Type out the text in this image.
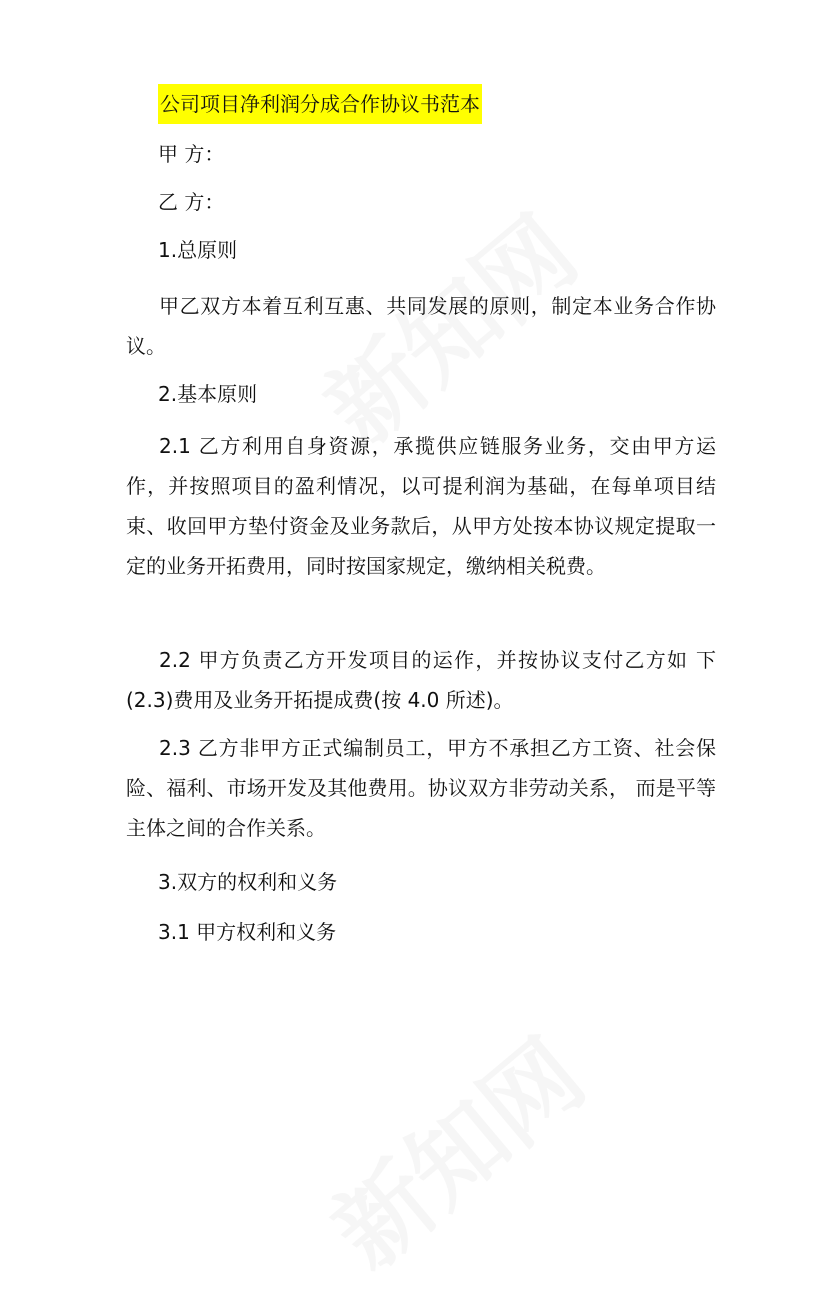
公司项目净利润分成合作协议书范本

甲 方：

乙 方：

1.总原则

甲乙双方本着互利互惠、共同发展的原则，制定本业务合作协议。

2.基本原则

2.1 乙方利用自身资源，承揽供应链服务业务，交由甲方运作，并按照项目的盈利情况，以可提利润为基础，在每单项目结束、收回甲方垫付资金及业务款后，从甲方处按本协议规定提取一定的业务开拓费用，同时按国家规定，缴纳相关税费。

2.2 甲方负责乙方开发项目的运作，并按协议支付乙方如 下(2.3)费用及业务开拓提成费(按 4.0 所述)。

2.3 乙方非甲方正式编制员工，甲方不承担乙方工资、社会保险、福利、市场开发及其他费用。协议双方非劳动关系， 而是平等主体之间的合作关系。

3.双方的权利和义务

3.1 甲方权利和义务
